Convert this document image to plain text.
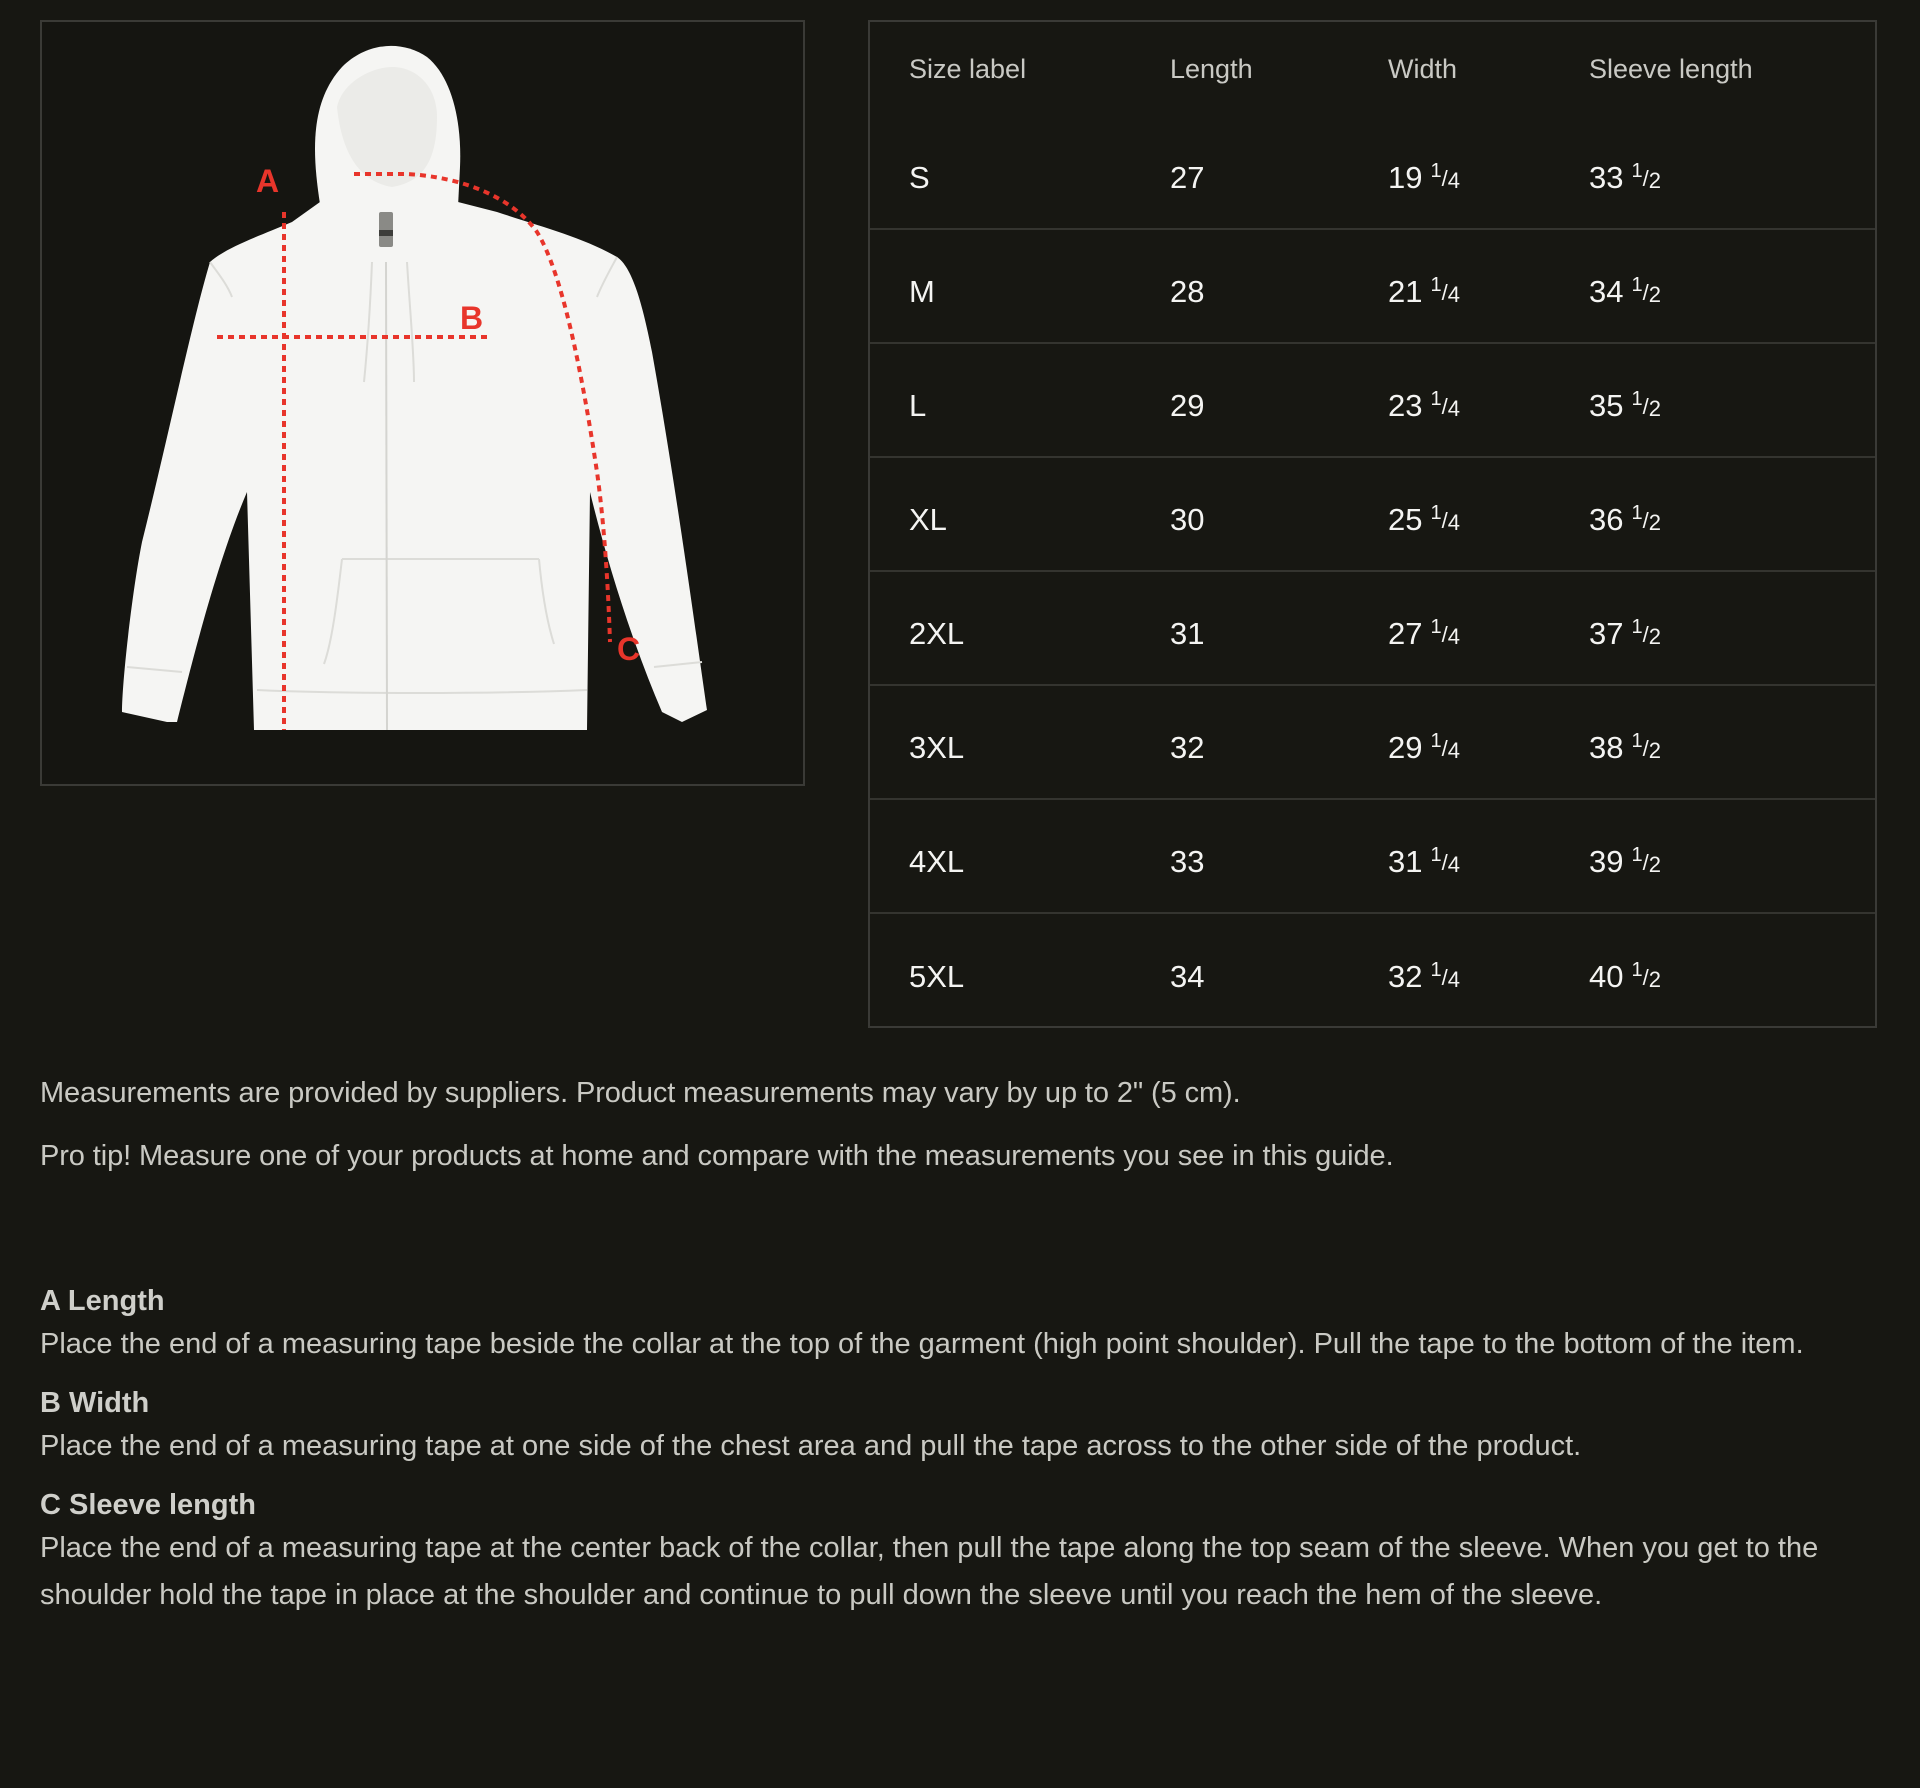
A
B
C
Size label	Length	Width	Sleeve length
S	27	19 $^1$/4	33 $^1$/2
M	28	21 $^1$/4	34 $^1$/2
L	29	23 $^1$/4	35 $^1$/2
XL	30	25 $^1$/4	36 $^1$/2
2XL	31	27 $^1$/4	37 $^1$/2
3XL	32	29 $^1$/4	38 $^1$/2
4XL	33	31 $^1$/4	39 $^1$/2
5XL	34	32 $^1$/4	40 $^1$/2

Measurements are provided by suppliers. Product measurements may vary by up to 2" (5 cm).

Pro tip! Measure one of your products at home and compare with the measurements you see in this guide.

A Length
Place the end of a measuring tape beside the collar at the top of the garment (high point shoulder). Pull the tape to the bottom of the item.
B Width
Place the end of a measuring tape at one side of the chest area and pull the tape across to the other side of the product.
C Sleeve length
Place the end of a measuring tape at the center back of the collar, then pull the tape along the top seam of the sleeve. When you get to the shoulder hold the tape in place at the shoulder and continue to pull down the sleeve until you reach the hem of the sleeve.
